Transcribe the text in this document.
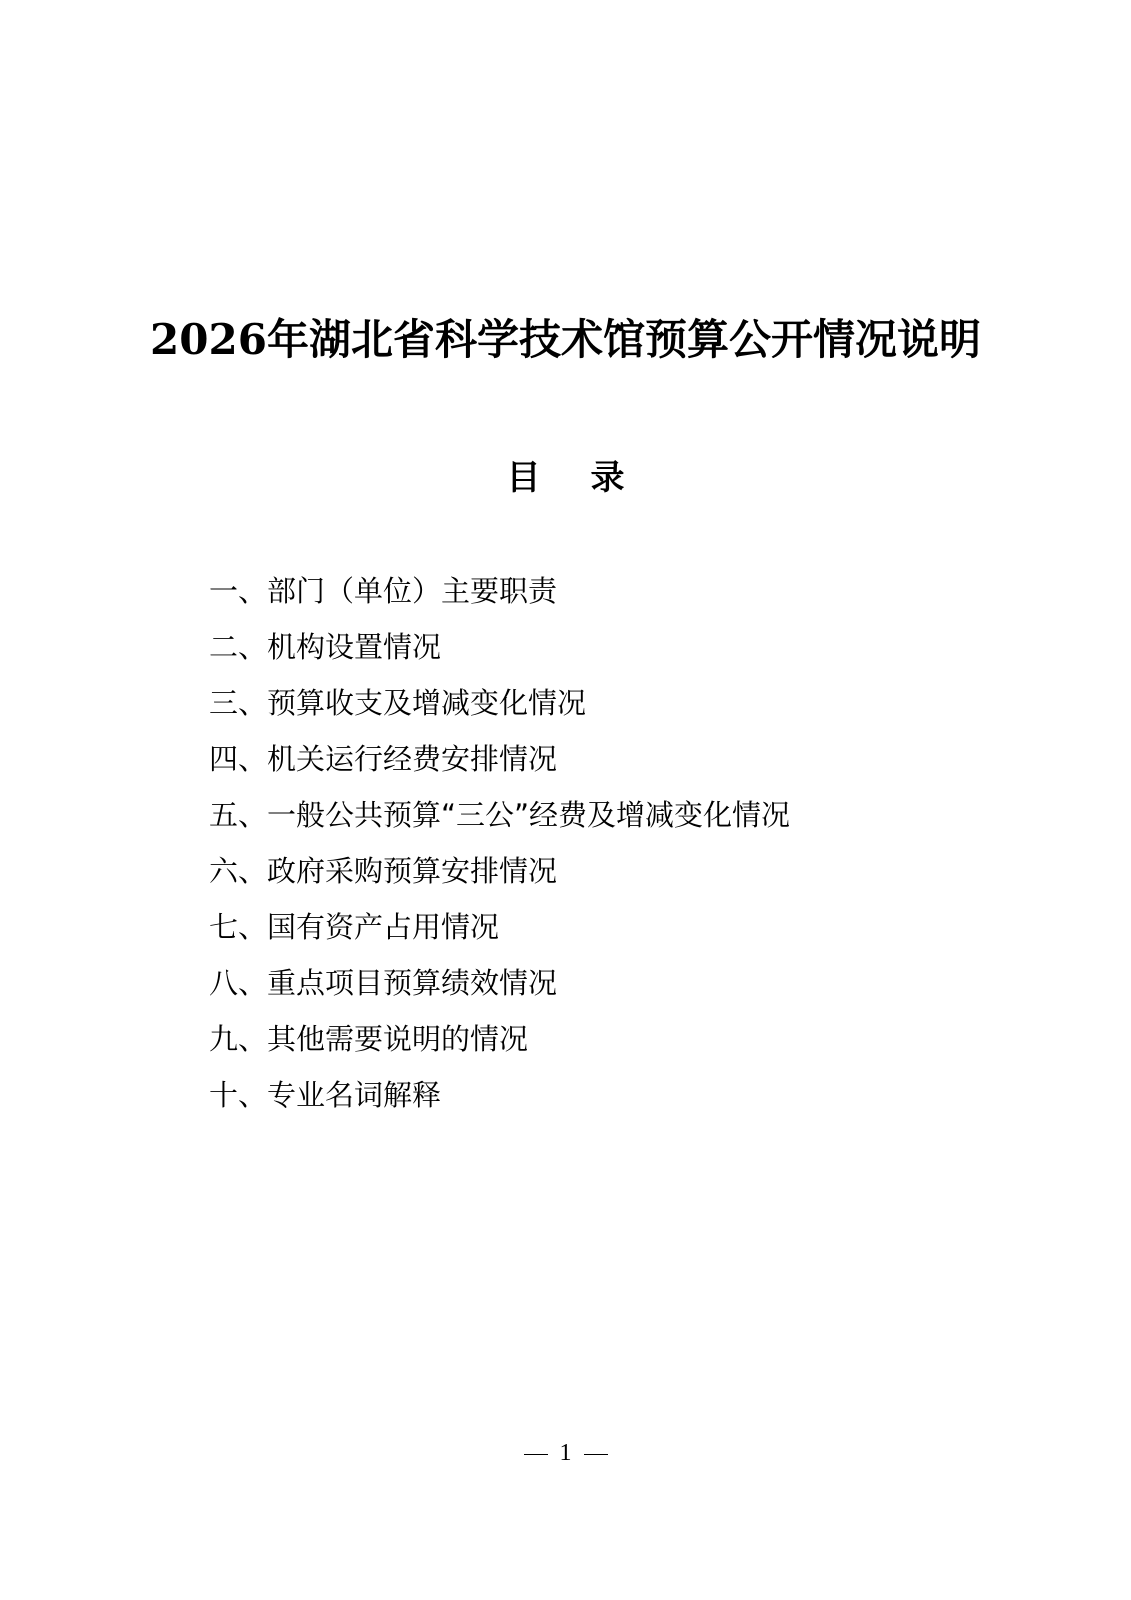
2026年湖北省科学技术馆预算公开情况说明
目 录
一、部门（单位）主要职责
二、机构设置情况
三、预算收支及增减变化情况
四、机关运行经费安排情况
五、一般公共预算“三公”经费及增减变化情况
六、政府采购预算安排情况
七、国有资产占用情况
八、重点项目预算绩效情况
九、其他需要说明的情况
十、专业名词解释
1
